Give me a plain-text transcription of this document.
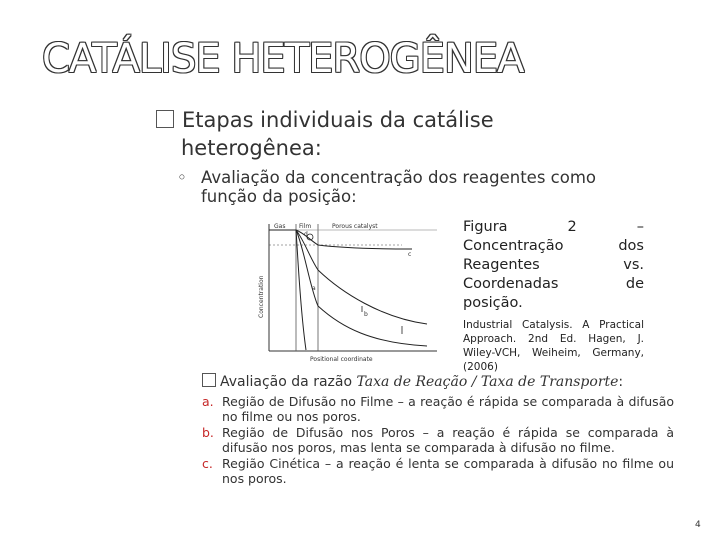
CATÁLISE HETEROGÊNEA
Etapas individuais da catálise
heterogênea:
◦ Avaliação da concentração dos reagentes como
função da posição:
Gas Film	Porous catalyst
c
d
a
b
Concentration
Positional coordinate
Figura 2 –
Concentração dos
Reagentes vs.
Coordenadas de
posição.
Industrial Catalysis. A Practical Approach. 2nd Ed. Hagen, J. Wiley-VCH, Weiheim, Germany, (2006)
Avaliação da razão Taxa de Reação / Taxa de Transporte:
a. Região de Difusão no Filme – a reação é rápida se comparada à difusão no filme ou nos poros.
b. Região de Difusão nos Poros – a reação é rápida se comparada à difusão nos poros, mas lenta se comparada à difusão no filme.
c. Região Cinética – a reação é lenta se comparada à difusão no filme ou nos poros.
4
